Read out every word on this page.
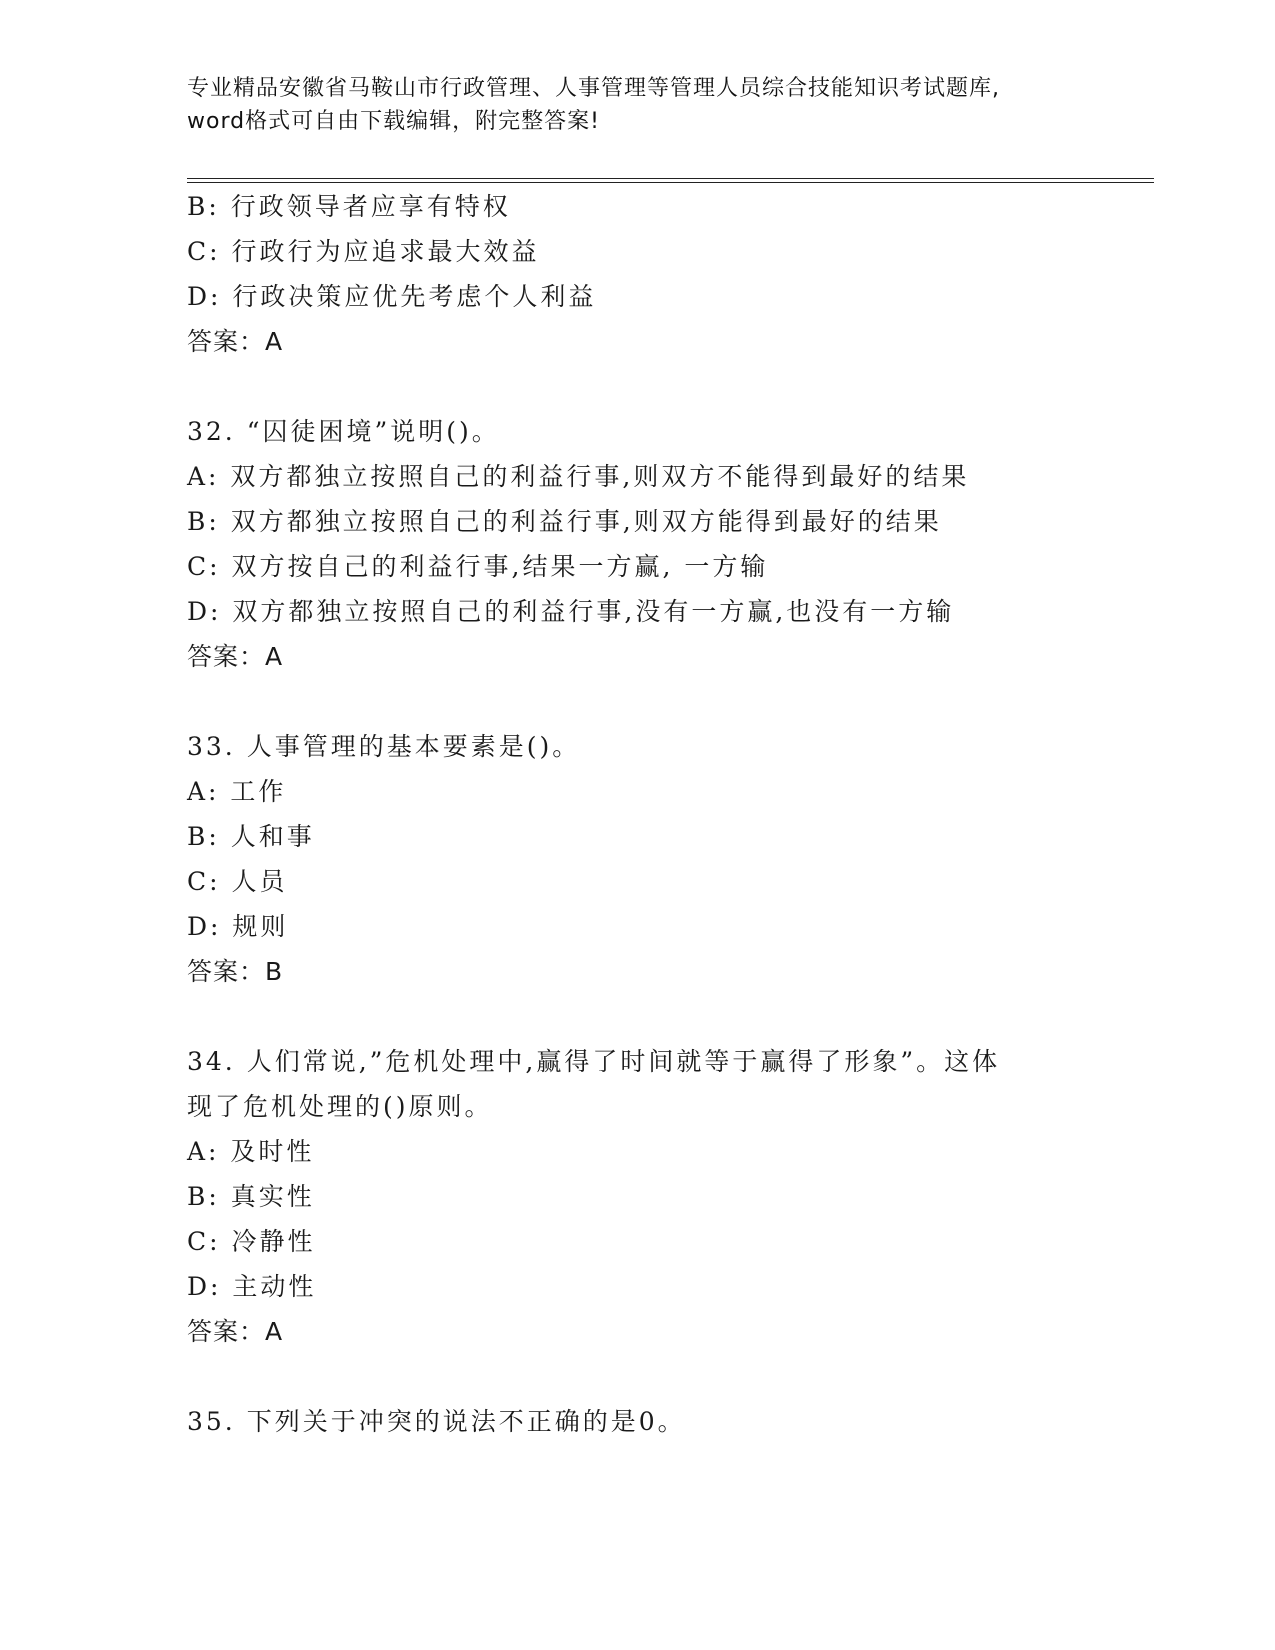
专业精品安徽省马鞍山市行政管理、人事管理等管理人员综合技能知识考试题库,
word格式可自由下载编辑，附完整答案!
B: 行政领导者应享有特权
C: 行政行为应追求最大效益
D: 行政决策应优先考虑个人利益
答案：A
32. “囚徒困境”说明()。
A: 双方都独立按照自己的利益行事,则双方不能得到最好的结果
B: 双方都独立按照自己的利益行事,则双方能得到最好的结果
C: 双方按自己的利益行事,结果一方赢, 一方输
D: 双方都独立按照自己的利益行事,没有一方赢,也没有一方输
答案：A
33. 人事管理的基本要素是()。
A: 工作
B: 人和事
C: 人员
D: 规则
答案：B
34. 人们常说,”危机处理中,赢得了时间就等于赢得了形象”。这体
现了危机处理的()原则。
A: 及时性
B: 真实性
C: 冷静性
D: 主动性
答案：A
35. 下列关于冲突的说法不正确的是0。
